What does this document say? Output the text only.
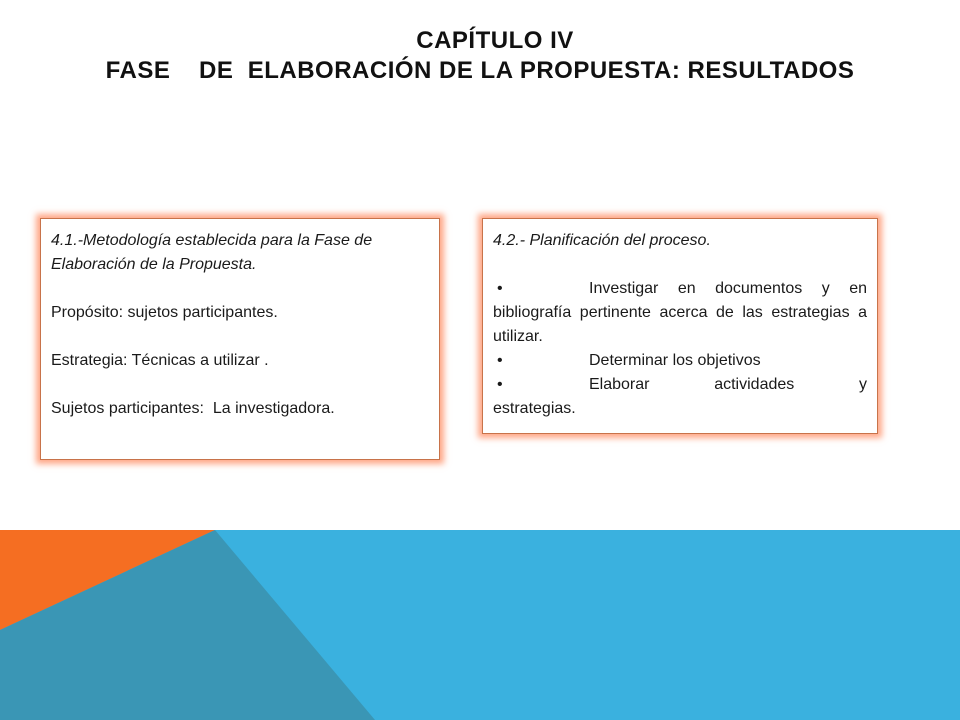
CAPÍTULO IV
FASE    DE  ELABORACIÓN DE LA PROPUESTA: RESULTADOS

4.1.-Metodología establecida para la Fase de Elaboración de la Propuesta.

Propósito: sujetos participantes.

Estrategia: Técnicas a utilizar .

Sujetos participantes:  La investigadora.

4.2.- Planificación del proceso.

•	Investigar en documentos y en

bibliografía pertinente acerca de las estrategias a utilizar.

•	Determinar los objetivos
•	Elaborar actividades y

estrategias.
